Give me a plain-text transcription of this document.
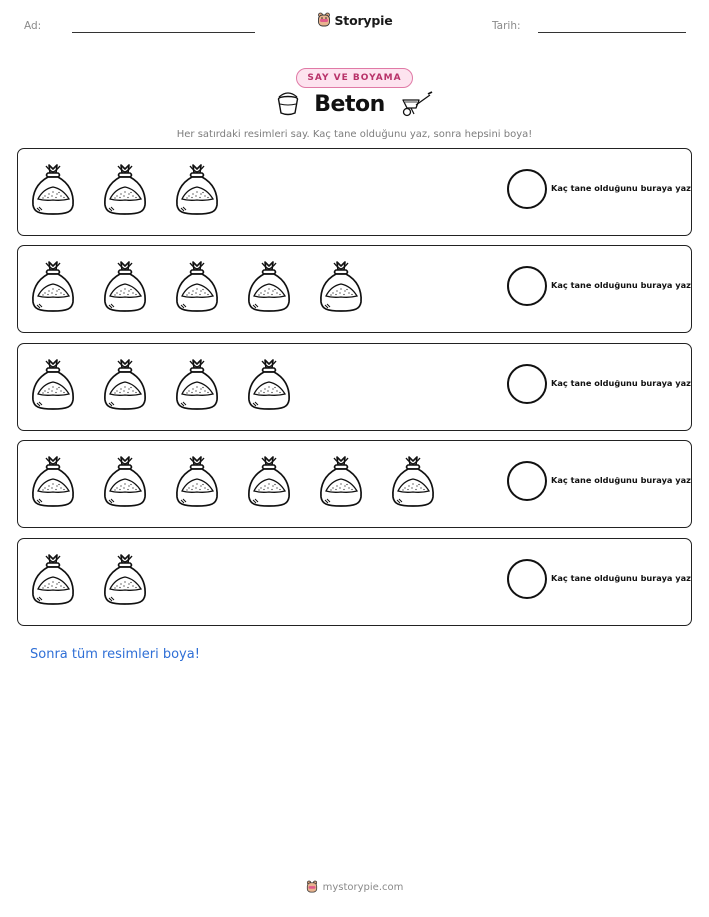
Ad:	Storypie	Tarih:
SAY VE BOYAMA
Beton
Her satırdaki resimleri say. Kaç tane olduğunu yaz, sonra hepsini boya!
Kaç tane olduğunu buraya yaz
Kaç tane olduğunu buraya yaz
Kaç tane olduğunu buraya yaz
Kaç tane olduğunu buraya yaz
Kaç tane olduğunu buraya yaz
Sonra tüm resimleri boya!
mystorypie.com
